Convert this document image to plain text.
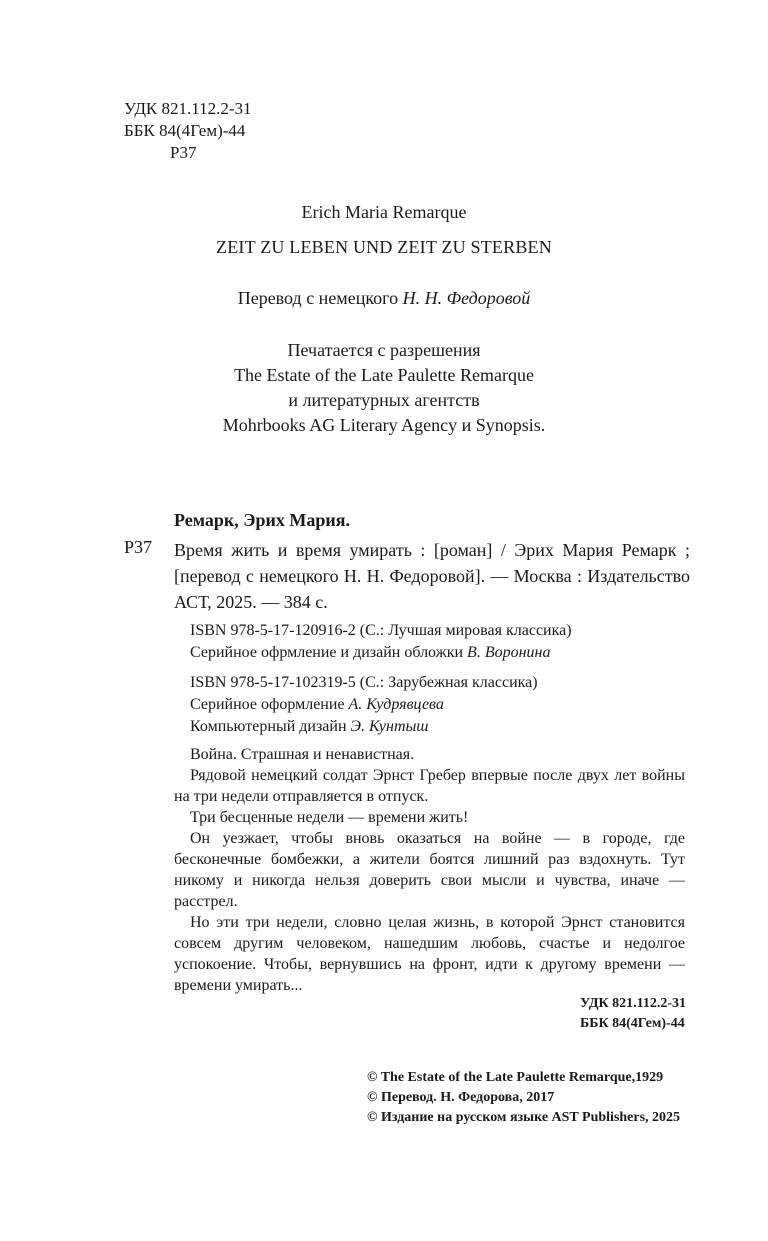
УДК 821.112.2-31
ББК 84(4Гем)-44
Р37
Erich Maria Remarque
ZEIT ZU LEBEN UND ZEIT ZU STERBEN
Перевод с немецкого Н. Н. Федоровой
Печатается с разрешения
The Estate of the Late Paulette Remarque
и литературных агентств
Mohrbooks AG Literary Agency и Synopsis.
Ремарк, Эрих Мария.
Р37 Время жить и время умирать : [роман] / Эрих Мария Ремарк ; [перевод с немецкого Н. Н. Федоровой]. — Москва : Издательство АСТ, 2025. — 384 с.

ISBN 978-5-17-120916-2 (С.: Лучшая мировая классика)
Серийное офрмление и дизайн обложки В. Воронина
ISBN 978-5-17-102319-5 (С.: Зарубежная классика)
Серийное оформление А. Кудрявцева
Компьютерный дизайн Э. Кунтыш

Война. Страшная и ненавистная.

Рядовой немецкий солдат Эрнст Гребер впервые после двух лет войны на три недели отправляется в отпуск.

Три бесценные недели — времени жить!

Он уезжает, чтобы вновь оказаться на войне — в городе, где бесконечные бомбежки, а жители боятся лишний раз вздохнуть. Тут никому и никогда нельзя доверить свои мысли и чувства, иначе — расстрел.

Но эти три недели, словно целая жизнь, в которой Эрнст становится совсем другим человеком, нашедшим любовь, счастье и недолгое успокоение. Чтобы, вернувшись на фронт, идти к другому времени — времени умирать...

УДК 821.112.2-31
ББК 84(4Гем)-44
© The Estate of the Late Paulette Remarque,1929
© Перевод. Н. Федорова, 2017
© Издание на русском языке AST Publishers, 2025
